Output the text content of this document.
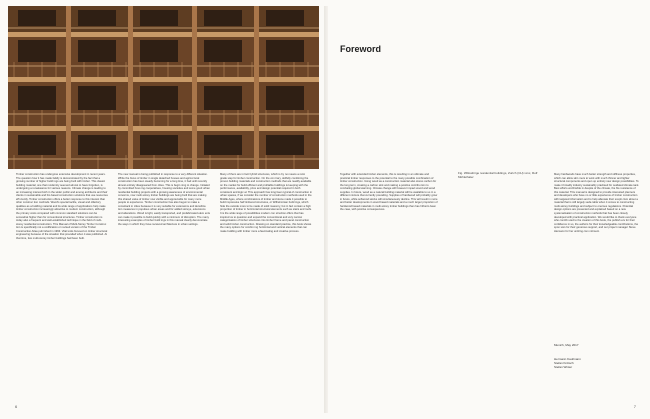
Timber construction has undergone extensive development in recent years. The question how it has made falsify is demonstrated by the fact that a growing number of higher build ings are being built with timber. This classic building material, one that modernity seemed almost to have forgotten, is undergoing a renaissance for various reasons. Climate change is leading to an increasing interest both in the wider public and among architects and their clients in sustainable and bio based construction solutions that use resources effi ciently. Timber construction offers a better response to this interest than other construc tion methods. Wood's special tactile, visual and olfactory qualities as a building material and its wide range of applications help make timber construction increasingly attractive to modern construction, although the primary costs compared with common standard solutions can be somewhat higher than for conventional structures. Timber construction is today also a frequent and well-established technique in the field of multi-storey residential construction. This Manual of Multi-Storey Timber Construc tion is specifically not a codification or revised version of the Timber Construction Atlas pub lished in 1993. Vital tools focused on timber structural engineering because of the situation that prevailed when it was published. At that time, few multi-storey timber buildings had been built.
The new manual is being published in response to a very different situation. While the focus of timber in single detached houses and agricul tural construction has been steady becoming for a long time, it had until recently almost entirely disappeared from cities. This is begin ning to change. Initiated by committed hous ing cooperatives, housing societies and some good urban residential building projects with a growing awareness of environmental concerns, now multi-storey timber buildings are being built that are making this shared value of timber now visible and appreciable for many more people to experience. Timber construction has also begun to make a comeback in cities because it is very suitable for extensions and densifica tion measures in populous urban areas and for added storeys, extensions and alterations. Wood is light, easily transported, and prefabricated elem ents can make it possible to build quickly with a minimum of disruption. The many interesting examples of timber build ings in this manual clearly demonstrate the ways in which they have received architecture in urban settings.
Many of them are in fact hybrid structures, which is by no means a retro grade step for timber construction. On the con trary, skilfully combining the proven building materials and construction methods that are readily available on the market for build efficient and profitable buildings is keeping with the performance, availability, price and design potential required in both consistent and logic al. This approach has long been typical of construction in urban spaces, if we consider the number of construction methods used in the Middle Ages, where combinations of timber and stone made it possible to build impressive half timbered structures, or Wilhelminian build ings, which hide the outside more to be made of solid masonry, but in fact contain a high proportion of timber in horizontal structural elements such as stairs and roofs. It is the wide range of possibilities modern con struction offers that has inspired us to question and expand the conventional and very narrow categorisation of timber structures into timber frame and panel construction and solid timber construction. Drawing on standard practice, this book shows the many options for combin ing horizontal and vertical elements that can make building with timber more a fascinating and creative process.
6
Foreword
Fig. Willowbrige residential buildings, Zurich (CH) xxxx, Rolf Mühlethaler
Together with extended timber elements, this is resulting in an ultimate and practical timber responses to the potential to the many possible combination of timber construction. Using wood as a construction material also stores carbon for the long term, creating a carbon sink and making a positive contribu tion to combating global warming. Climate change will however impact wood and wood supplies. In future, wood as a natural building material will be available to us in a different mixture that currently prevailing. Supplies of hardwood will probably grow in future, while softwood stocks will simultaneously decline. This will result in more and better developments in wood based materials and a much larger proportion of hardwood based materials in multi-storey timber buildings than has hitherto been the case, with positive consequences.
Many hardwoods have much better strength and stiffness properties, which can allow skin mers to work with much thinner and lighter structural components and open up entirely new design possibilities. To make it broadly industry sustainably practised for outdated climate tank. Best efforts worthwhile in despite of the climate, the fire resistance of this material. This manual is designed to provide interested planners and developers who have no or little experience of timber construction with targeted information and to help alleviate their scepti cism about a material that is still largely seda rable when it comes to constructing multi-storey buildings and subject to onerous regulations. Potential design options are presented and explained based on a new systematisation of construction methods that has been closely developed with practical application. We would like to thank everyone who contrib uted to the creation of this book, the publish ers for their confidence in us, the authors for their knowledgeable contributions, the spon sors for their generous support, and our project manager Steve Hiemann for her untiring com mitment.
Munich, May 2017
Hermann Kaufmann
Stefan Krötsch
Stefan Winter
7
